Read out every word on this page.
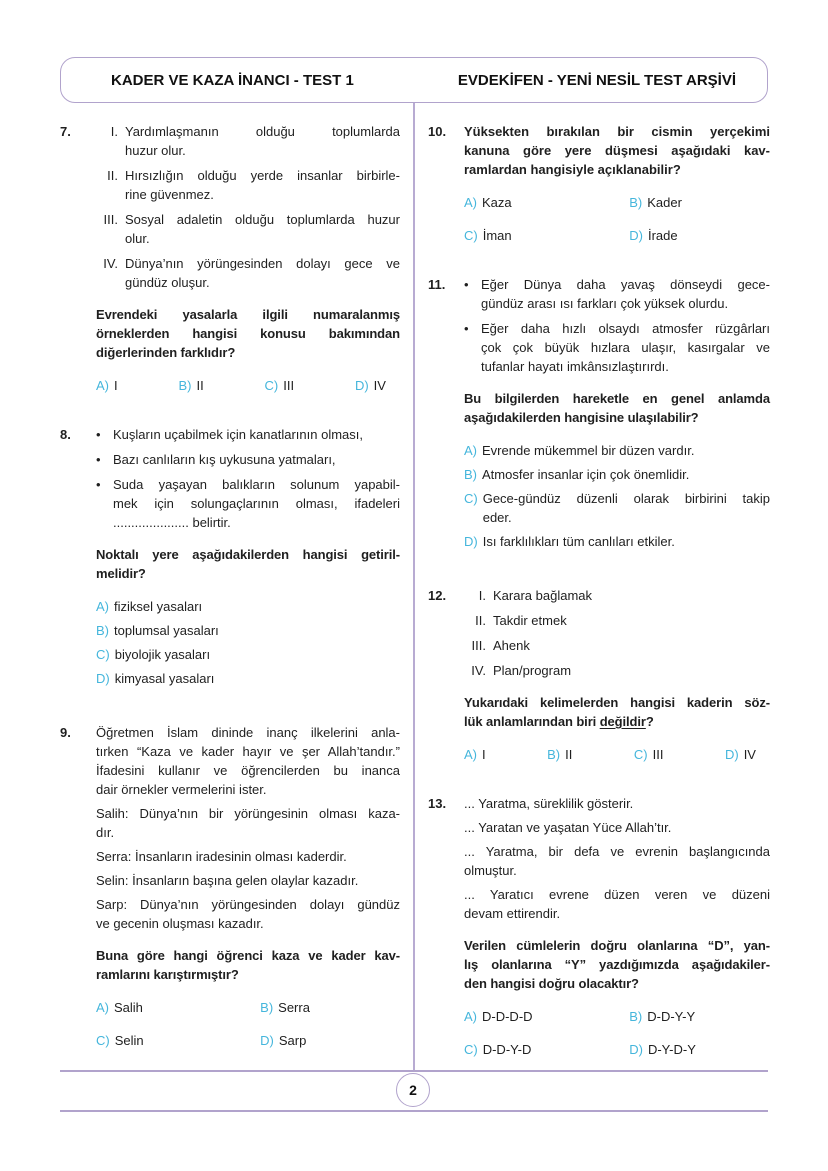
KADER VE KAZA İNANCI - TEST 1	EVDEKİFEN - YENİ NESİL TEST ARŞİVİ
7.	I. Yardımlaşmanın olduğu toplumlarda
huzur olur.
II. Hırsızlığın olduğu yerde insanlar birbirle-
rine güvenmez.
III. Sosyal adaletin olduğu toplumlarda huzur
olur.
IV. Dünya’nın yörüngesinden dolayı gece ve
gündüz oluşur.
Evrendeki yasalarla ilgili numaralanmış
örneklerden hangisi konusu bakımından
diğerlerinden farklıdır?
A) I	B) II	C) III	D) IV
8.	• Kuşların uçabilmek için kanatlarının olması,
• Bazı canlıların kış uykusuna yatmaları,
• Suda yaşayan balıkların solunum yapabil-
mek için solungaçlarının olması, ifadeleri
..................... belirtir.
Noktalı yere aşağıdakilerden hangisi getiril-
melidir?
A) fiziksel yasaları
B) toplumsal yasaları
C) biyolojik yasaları
D) kimyasal yasaları
9.	Öğretmen İslam dininde inanç ilkelerini anla-
tırken “Kaza ve kader hayır ve şer Allah’tandır.”
İfadesini kullanır ve öğrencilerden bu inanca
dair örnekler vermelerini ister.
Salih: Dünya’nın bir yörüngesinin olması kaza-
dır.
Serra: İnsanların iradesinin olması kaderdir.
Selin: İnsanların başına gelen olaylar kazadır.
Sarp: Dünya’nın yörüngesinden dolayı gündüz
ve gecenin oluşması kazadır.
Buna göre hangi öğrenci kaza ve kader kav-
ramlarını karıştırmıştır?
A) Salih	B) Serra
C) Selin	D) Sarp
10.	Yüksekten bırakılan bir cismin yerçekimi
kanuna göre yere düşmesi aşağıdaki kav-
ramlardan hangisiyle açıklanabilir?
A) Kaza	B) Kader
C) İman	D) İrade
11.	• Eğer Dünya daha yavaş dönseydi gece-
gündüz arası ısı farkları çok yüksek olurdu.
• Eğer daha hızlı olsaydı atmosfer rüzgârları
çok çok büyük hızlara ulaşır, kasırgalar ve
tufanlar hayatı imkânsızlaştırırdı.
Bu bilgilerden hareketle en genel anlamda
aşağıdakilerden hangisine ulaşılabilir?
A) Evrende mükemmel bir düzen vardır.
B) Atmosfer insanlar için çok önemlidir.
C) Gece-gündüz düzenli olarak birbirini takip
eder.
D) Isı farklılıkları tüm canlıları etkiler.
12.	I. Karara bağlamak
II. Takdir etmek
III. Ahenk
IV. Plan/program
Yukarıdaki kelimelerden hangisi kaderin söz-
lük anlamlarından biri değildir?
A) I	B) II	C) III	D) IV
13.	... Yaratma, süreklilik gösterir.
... Yaratan ve yaşatan Yüce Allah’tır.
... Yaratma, bir defa ve evrenin başlangıcında
olmuştur.
... Yaratıcı evrene düzen veren ve düzeni
devam ettirendir.
Verilen cümlelerin doğru olanlarına “D”, yan-
lış olanlarına “Y” yazdığımızda aşağıdakiler-
den hangisi doğru olacaktır?
A) D-D-D-D	B) D-D-Y-Y
C) D-D-Y-D	D) D-Y-D-Y
2
